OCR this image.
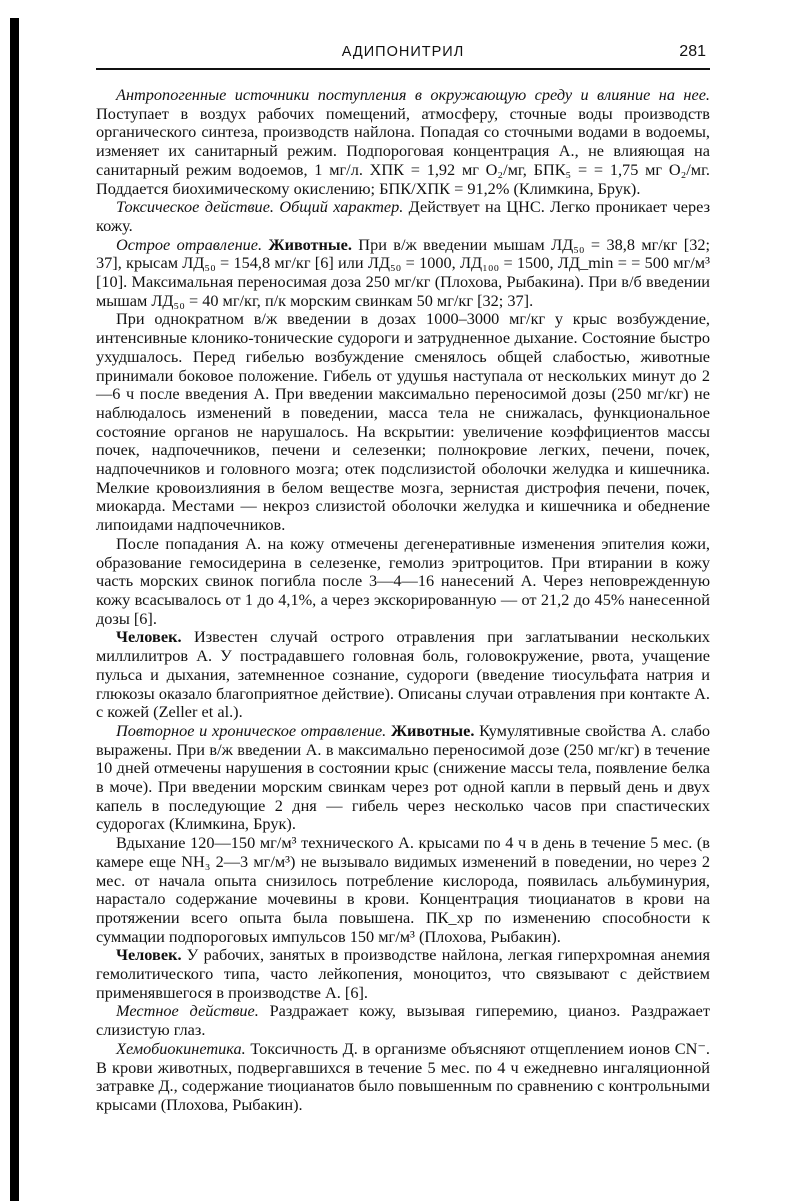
АДИПОНИТРИЛ	281

Антропогенные источники поступления в окружающую среду и влияние на нее. Поступает в воздух рабочих помещений, атмосферу, сточные воды производств органического синтеза, производств найлона. Попадая со сточными водами в водоемы, изменяет их санитарный режим. Подпороговая концентрация А., не влияющая на санитарный режим водоемов, 1 мг/л. ХПК = 1,92 мг O₂/мг, БПК₅ = = 1,75 мг O₂/мг. Поддается биохимическому окислению; БПК/ХПК = 91,2% (Климкина, Брук).

Токсическое действие. Общий характер. Действует на ЦНС. Легко проникает через кожу.

Острое отравление. Животные. При в/ж введении мышам ЛД₅₀ = 38,8 мг/кг [32; 37], крысам ЛД₅₀ = 154,8 мг/кг [6] или ЛД₅₀ = 1000, ЛД₁₀₀ = 1500, ЛД_min = = 500 мг/м³ [10]. Максимальная переносимая доза 250 мг/кг (Плохова, Рыбакина). При в/б введении мышам ЛД₅₀ = 40 мг/кг, п/к морским свинкам 50 мг/кг [32; 37].

При однократном в/ж введении в дозах 1000–3000 мг/кг у крыс возбуждение, интенсивные клонико-тонические судороги и затрудненное дыхание. Состояние быстро ухудшалось. Перед гибелью возбуждение сменялось общей слабостью, животные принимали боковое положение. Гибель от удушья наступала от нескольких минут до 2—6 ч после введения А. При введении максимально переносимой дозы (250 мг/кг) не наблюдалось изменений в поведении, масса тела не снижалась, функциональное состояние органов не нарушалось. На вскрытии: увеличение коэффициентов массы почек, надпочечников, печени и селезенки; полнокровие легких, печени, почек, надпочечников и головного мозга; отек подслизистой оболочки желудка и кишечника. Мелкие кровоизлияния в белом веществе мозга, зернистая дистрофия печени, почек, миокарда. Местами — некроз слизистой оболочки желудка и кишечника и обеднение липоидами надпочечников.

После попадания А. на кожу отмечены дегенеративные изменения эпителия кожи, образование гемосидерина в селезенке, гемолиз эритроцитов. При втирании в кожу часть морских свинок погибла после 3—4—16 нанесений А. Через неповрежденную кожу всасывалось от 1 до 4,1%, а через экскорированную — от 21,2 до 45% нанесенной дозы [6].

Человек. Известен случай острого отравления при заглатывании нескольких миллилитров А. У пострадавшего головная боль, головокружение, рвота, учащение пульса и дыхания, затемненное сознание, судороги (введение тиосульфата натрия и глюкозы оказало благоприятное действие). Описаны случаи отравления при контакте А. с кожей (Zeller et al.).

Повторное и хроническое отравление. Животные. Кумулятивные свойства А. слабо выражены. При в/ж введении А. в максимально переносимой дозе (250 мг/кг) в течение 10 дней отмечены нарушения в состоянии крыс (снижение массы тела, появление белка в моче). При введении морским свинкам через рот одной капли в первый день и двух капель в последующие 2 дня — гибель через несколько часов при спастических судорогах (Климкина, Брук).

Вдыхание 120—150 мг/м³ технического А. крысами по 4 ч в день в течение 5 мес. (в камере еще NH₃ 2—3 мг/м³) не вызывало видимых изменений в поведении, но через 2 мес. от начала опыта снизилось потребление кислорода, появилась альбуминурия, нарастало содержание мочевины в крови. Концентрация тиоцианатов в крови на протяжении всего опыта была повышена. ПК_хр по изменению способности к суммации подпороговых импульсов 150 мг/м³ (Плохова, Рыбакин).

Человек. У рабочих, занятых в производстве найлона, легкая гиперхромная анемия гемолитического типа, часто лейкопения, моноцитоз, что связывают с действием применявшегося в производстве А. [6].

Местное действие. Раздражает кожу, вызывая гиперемию, цианоз. Раздражает слизистую глаз.

Хемобиокинетика. Токсичность Д. в организме объясняют отщеплением ионов CN⁻. В крови животных, подвергавшихся в течение 5 мес. по 4 ч ежедневно ингаляционной затравке Д., содержание тиоцианатов было повышенным по сравнению с контрольными крысами (Плохова, Рыбакин).
